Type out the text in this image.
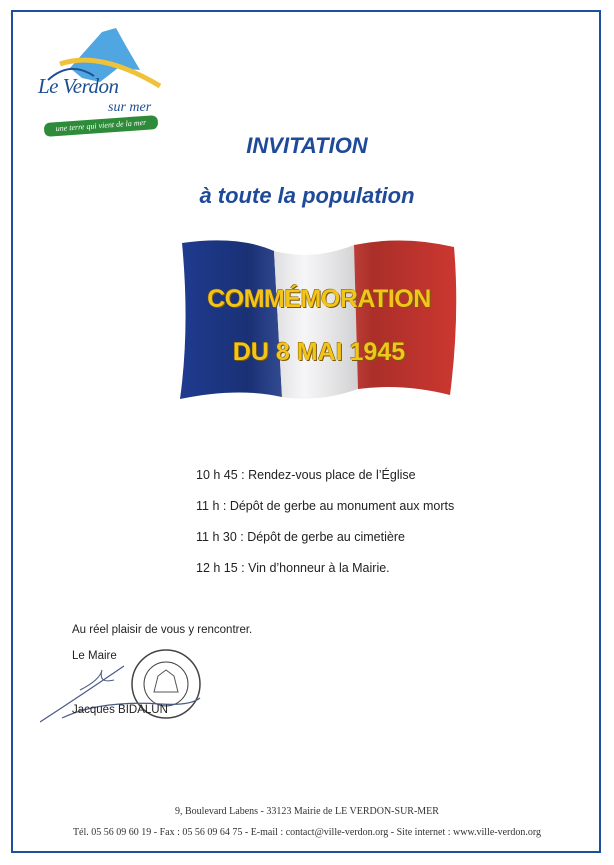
Le Verdon
sur mer
une terre qui vient de la mer
INVITATION
à toute la population
COMMÉMORATION
DU 8 MAI 1945
10 h 45 : Rendez-vous place de l’Église
11 h : Dépôt de gerbe au monument aux morts
11 h 30 : Dépôt de gerbe au cimetière
12 h 15 : Vin d’honneur à la Mairie.
Au réel plaisir de vous y rencontrer.
Le Maire
Jacques BIDALUN
9, Boulevard Labens - 33123 Mairie de LE VERDON-SUR-MER
Tél. 05 56 09 60 19 - Fax : 05 56 09 64 75 - E-mail : contact@ville-verdon.org - Site internet : www.ville-verdon.org
